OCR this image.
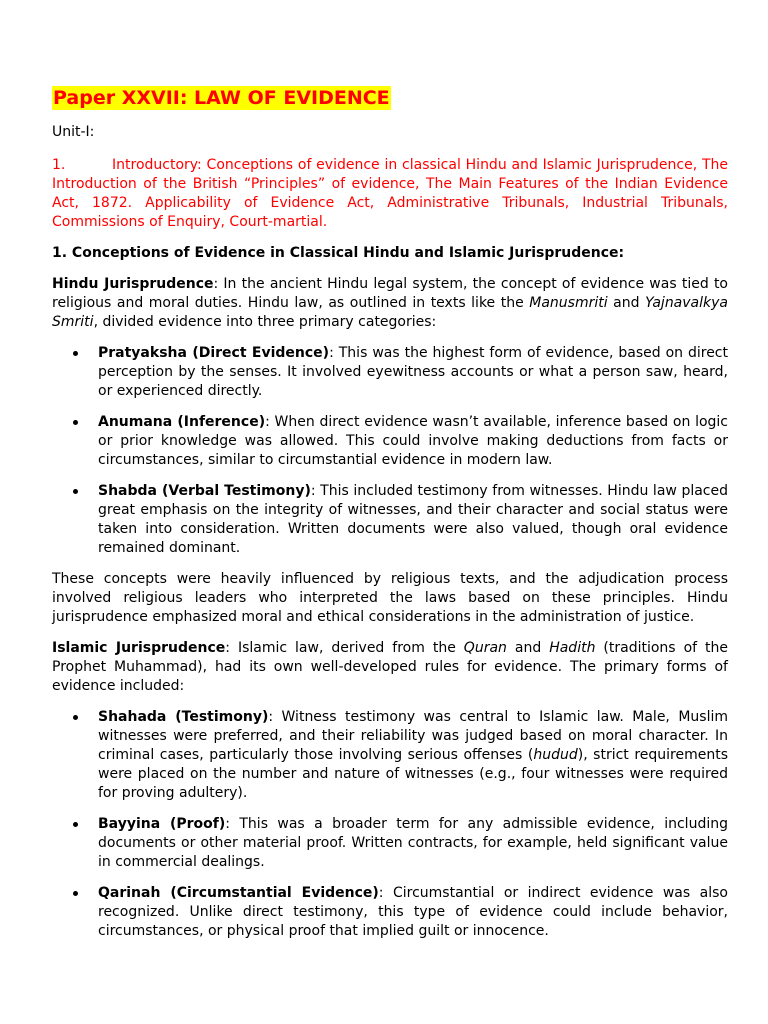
Paper XXVII: LAW OF EVIDENCE

Unit-I:

1.	Introductory: Conceptions of evidence in classical Hindu and Islamic Jurisprudence, The Introduction of the British “Principles” of evidence, The Main Features of the Indian Evidence Act, 1872. Applicability of Evidence Act, Administrative Tribunals, Industrial Tribunals, Commissions of Enquiry, Court-martial.

1. Conceptions of Evidence in Classical Hindu and Islamic Jurisprudence:

Hindu Jurisprudence: In the ancient Hindu legal system, the concept of evidence was tied to religious and moral duties. Hindu law, as outlined in texts like the Manusmriti and Yajnavalkya Smriti, divided evidence into three primary categories:

Pratyaksha (Direct Evidence): This was the highest form of evidence, based on direct perception by the senses. It involved eyewitness accounts or what a person saw, heard, or experienced directly.

Anumana (Inference): When direct evidence wasn’t available, inference based on logic or prior knowledge was allowed. This could involve making deductions from facts or circumstances, similar to circumstantial evidence in modern law.

Shabda (Verbal Testimony): This included testimony from witnesses. Hindu law placed great emphasis on the integrity of witnesses, and their character and social status were taken into consideration. Written documents were also valued, though oral evidence remained dominant.

These concepts were heavily influenced by religious texts, and the adjudication process involved religious leaders who interpreted the laws based on these principles. Hindu jurisprudence emphasized moral and ethical considerations in the administration of justice.

Islamic Jurisprudence: Islamic law, derived from the Quran and Hadith (traditions of the Prophet Muhammad), had its own well-developed rules for evidence. The primary forms of evidence included:

Shahada (Testimony): Witness testimony was central to Islamic law. Male, Muslim witnesses were preferred, and their reliability was judged based on moral character. In criminal cases, particularly those involving serious offenses (hudud), strict requirements were placed on the number and nature of witnesses (e.g., four witnesses were required for proving adultery).

Bayyina (Proof): This was a broader term for any admissible evidence, including documents or other material proof. Written contracts, for example, held significant value in commercial dealings.

Qarinah (Circumstantial Evidence): Circumstantial or indirect evidence was also recognized. Unlike direct testimony, this type of evidence could include behavior, circumstances, or physical proof that implied guilt or innocence.
